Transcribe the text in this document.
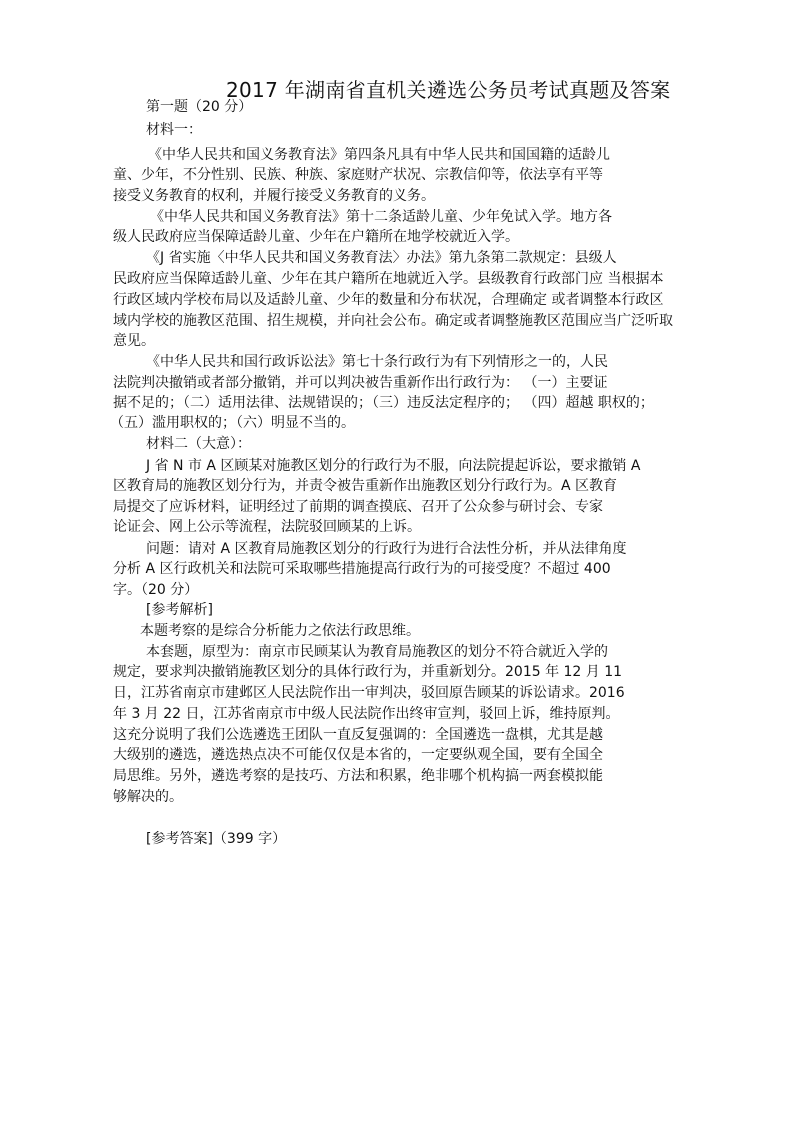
2017 年湖南省直机关遴选公务员考试真题及答案
第一题（20 分）
材料一：
《中华人民共和国义务教育法》第四条凡具有中华人民共和国国籍的适龄儿
童、少年，不分性别、民族、种族、家庭财产状况、宗教信仰等，依法享有平等
接受义务教育的权利，并履行接受义务教育的义务。
《中华人民共和国义务教育法》第十二条适龄儿童、少年免试入学。地方各
级人民政府应当保障适龄儿童、少年在户籍所在地学校就近入学。
《J 省实施〈中华人民共和国义务教育法〉办法》第九条第二款规定：县级人
民政府应当保障适龄儿童、少年在其户籍所在地就近入学。县级教育行政部门应 当根据本
行政区域内学校布局以及适龄儿童、少年的数量和分布状况，合理确定 或者调整本行政区
域内学校的施教区范围、招生规模，并向社会公布。确定或者调整施教区范围应当广泛听取
意见。
《中华人民共和国行政诉讼法》第七十条行政行为有下列情形之一的，人民
法院判决撤销或者部分撤销，并可以判决被告重新作出行政行为： （一）主要证
据不足的；（二）适用法律、法规错误的；（三）违反法定程序的； （四）超越 职权的；
（五）滥用职权的；（六）明显不当的。
材料二（大意）：
J 省 N 市 A 区顾某对施教区划分的行政行为不服，向法院提起诉讼，要求撤销 A
区教育局的施教区划分行为，并责令被告重新作出施教区划分行政行为。A 区教育
局提交了应诉材料，证明经过了前期的调查摸底、召开了公众参与研讨会、专家
论证会、网上公示等流程，法院驳回顾某的上诉。
问题：请对 A 区教育局施教区划分的行政行为进行合法性分析，并从法律角度
分析 A 区行政机关和法院可采取哪些措施提高行政行为的可接受度？不超过 400
字。（20 分）
[参考解析]
本题考察的是综合分析能力之依法行政思维。
本套题，原型为：南京市民顾某认为教育局施教区的划分不符合就近入学的
规定，要求判决撤销施教区划分的具体行政行为，并重新划分。2015 年 12 月 11
日，江苏省南京市建邺区人民法院作出一审判决，驳回原告顾某的诉讼请求。2016
年 3 月 22 日，江苏省南京市中级人民法院作出终审宣判，驳回上诉，维持原判。
这充分说明了我们公选遴选王团队一直反复强调的：全国遴选一盘棋，尤其是越
大级别的遴选，遴选热点决不可能仅仅是本省的，一定要纵观全国，要有全国全
局思维。另外，遴选考察的是技巧、方法和积累，绝非哪个机构搞一两套模拟能
够解决的。
[参考答案]（399 字）
